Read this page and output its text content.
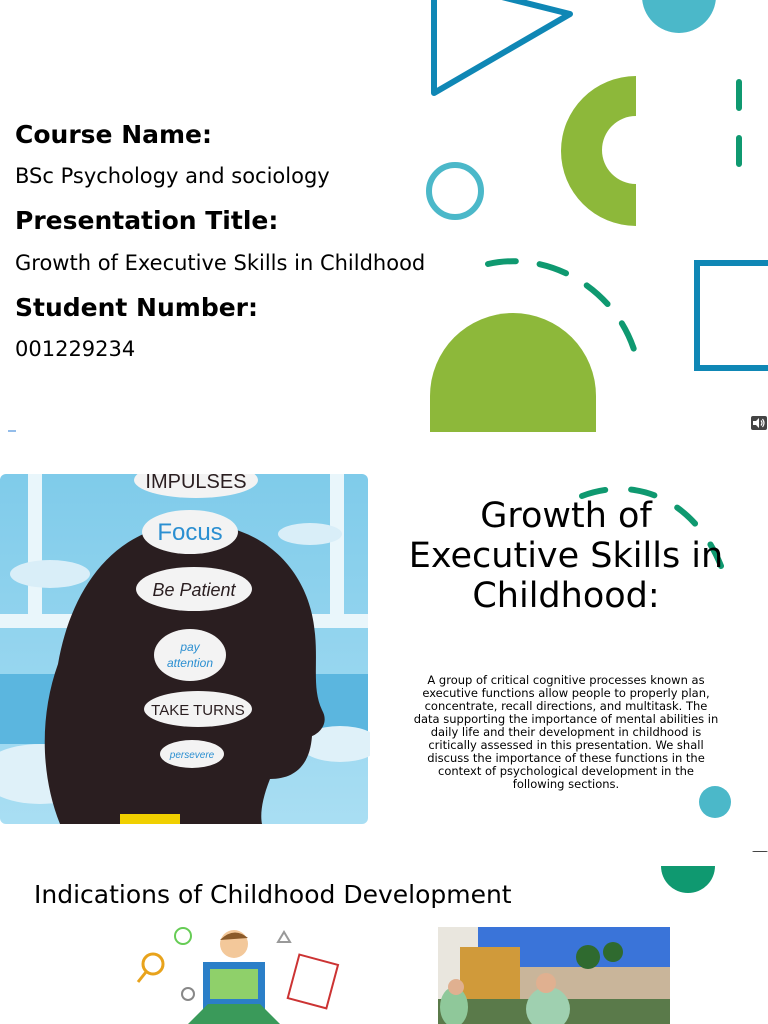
Course Name:

BSc Psychology and sociology

Presentation Title:

Growth of Executive Skills in Childhood

Student Number:

001229234

IMPULSES
Focus
Be Patient
pay
attention
TAKE TURNS
persevere
Growth of Executive Skills in Childhood:

A group of critical cognitive processes known as executive functions allow people to properly plan, concentrate, recall directions, and multitask. The data supporting the importance of mental abilities in daily life and their development in childhood is critically assessed in this presentation. We shall discuss the importance of these functions in the context of psychological development in the following sections.

Indications of Childhood Development
